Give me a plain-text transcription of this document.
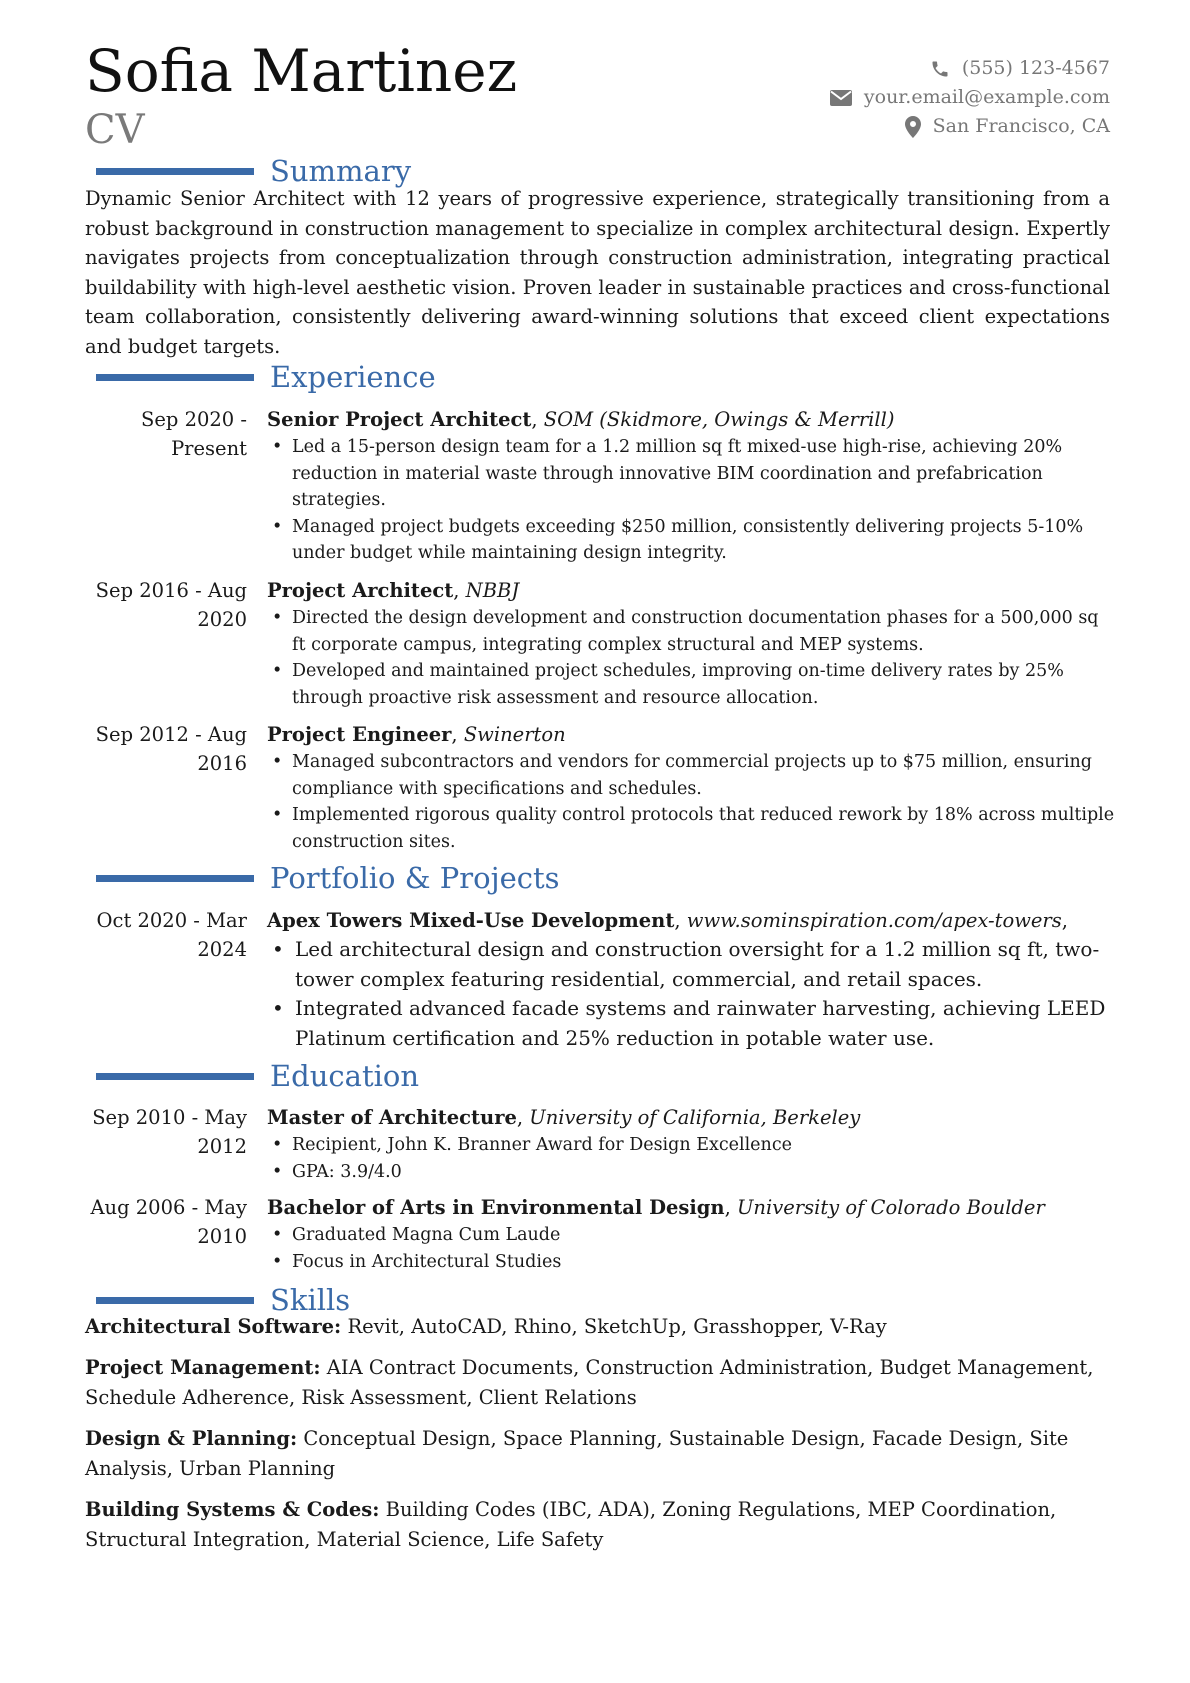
Sofia Martinez
CV
(555) 123-4567
your.email@example.com
San Francisco, CA
Summary

Dynamic Senior Architect with 12 years of progressive experience, strategically transitioning from a robust background in construction management to specialize in complex architectural design. Expertly navigates projects from conceptualization through construction administration, integrating practical buildability with high-level aesthetic vision. Proven leader in sustainable practices and cross-functional team collaboration, consistently delivering award-winning solutions that exceed client expectations and budget targets.

Experience
Sep 2020 - Present
Senior Project Architect, SOM (Skidmore, Owings & Merrill)
• Led a 15-person design team for a 1.2 million sq ft mixed-use high-rise, achieving 20% reduction in material waste through innovative BIM coordination and prefabrication strategies.
• Managed project budgets exceeding $250 million, consistently delivering projects 5-10% under budget while maintaining design integrity.
Sep 2016 - Aug 2020
Project Architect, NBBJ
• Directed the design development and construction documentation phases for a 500,000 sq ft corporate campus, integrating complex structural and MEP systems.
• Developed and maintained project schedules, improving on-time delivery rates by 25% through proactive risk assessment and resource allocation.
Sep 2012 - Aug 2016
Project Engineer, Swinerton
• Managed subcontractors and vendors for commercial projects up to $75 million, ensuring compliance with specifications and schedules.
• Implemented rigorous quality control protocols that reduced rework by 18% across multiple construction sites.
Portfolio & Projects
Oct 2020 - Mar 2024
Apex Towers Mixed-Use Development, www.sominspiration.com/apex-towers,
• Led architectural design and construction oversight for a 1.2 million sq ft, two-tower complex featuring residential, commercial, and retail spaces.
• Integrated advanced facade systems and rainwater harvesting, achieving LEED Platinum certification and 25% reduction in potable water use.
Education
Sep 2010 - May 2012
Master of Architecture, University of California, Berkeley
• Recipient, John K. Branner Award for Design Excellence
• GPA: 3.9/4.0
Aug 2006 - May 2010
Bachelor of Arts in Environmental Design, University of Colorado Boulder
• Graduated Magna Cum Laude
• Focus in Architectural Studies
Skills

Architectural Software: Revit, AutoCAD, Rhino, SketchUp, Grasshopper, V-Ray

Project Management: AIA Contract Documents, Construction Administration, Budget Management, Schedule Adherence, Risk Assessment, Client Relations

Design & Planning: Conceptual Design, Space Planning, Sustainable Design, Facade Design, Site Analysis, Urban Planning

Building Systems & Codes: Building Codes (IBC, ADA), Zoning Regulations, MEP Coordination, Structural Integration, Material Science, Life Safety
